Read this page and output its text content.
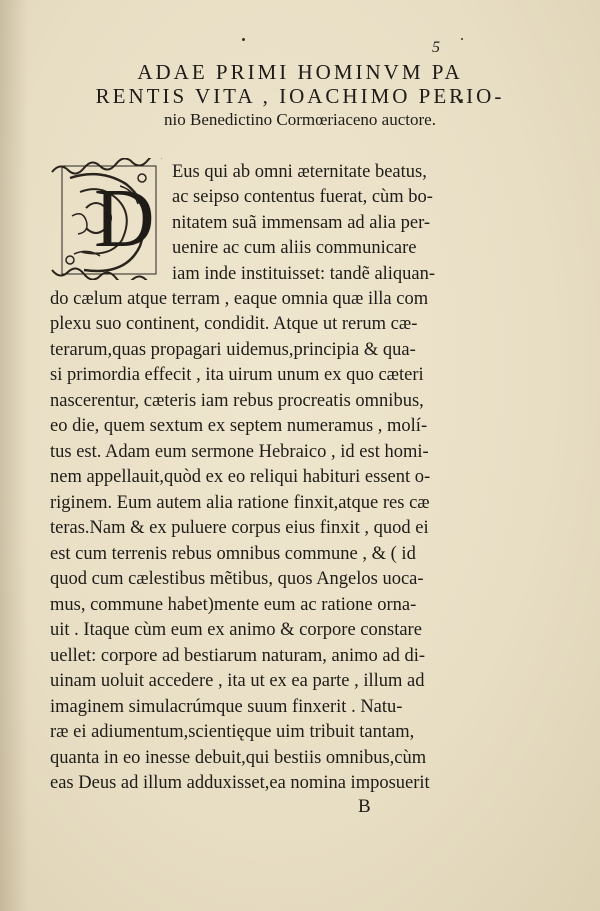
5
ADAE PRIMI HOMINVM PA
RENTIS VITA , IOACHIMO PERIO-
nio Benedictino Cormœriaceno auctore.
D Eus qui ab omni æternitate beatus,
ac seipso contentus fuerat, cùm bo-
nitatem suã immensam ad alia per-
uenire ac cum aliis communicare
iam inde instituisset: tandẽ aliquan-
do cælum atque terram , eaque omnia quæ illa com
plexu suo continent, condidit. Atque ut rerum cæ-
terarum,quas propagari uidemus,principia & qua-
si primordia effecit , ita uirum unum ex quo cæteri
nascerentur, cæteris iam rebus procreatis omnibus,
eo die, quem sextum ex septem numeramus , molí-
tus est. Adam eum sermone Hebraico , id est homi-
nem appellauit,quòd ex eo reliqui habituri essent o-
riginem. Eum autem alia ratione finxit,atque res cæ
teras.Nam & ex puluere corpus eius finxit , quod ei
est cum terrenis rebus omnibus commune , & ( id
quod cum cælestibus mẽtibus, quos Angelos uoca-
mus, commune habet)mente eum ac ratione orna-
uit . Itaque cùm eum ex animo & corpore constare
uellet: corpore ad bestiarum naturam, animo ad di-
uinam uoluit accedere , ita ut ex ea parte , illum ad
imaginem simulacrúmque suum finxerit . Natu-
ræ ei adiumentum,scientięque uim tribuit tantam,
quanta in eo inesse debuit,qui bestiis omnibus,cùm
eas Deus ad illum adduxisset,ea nomina imposuerit
B
